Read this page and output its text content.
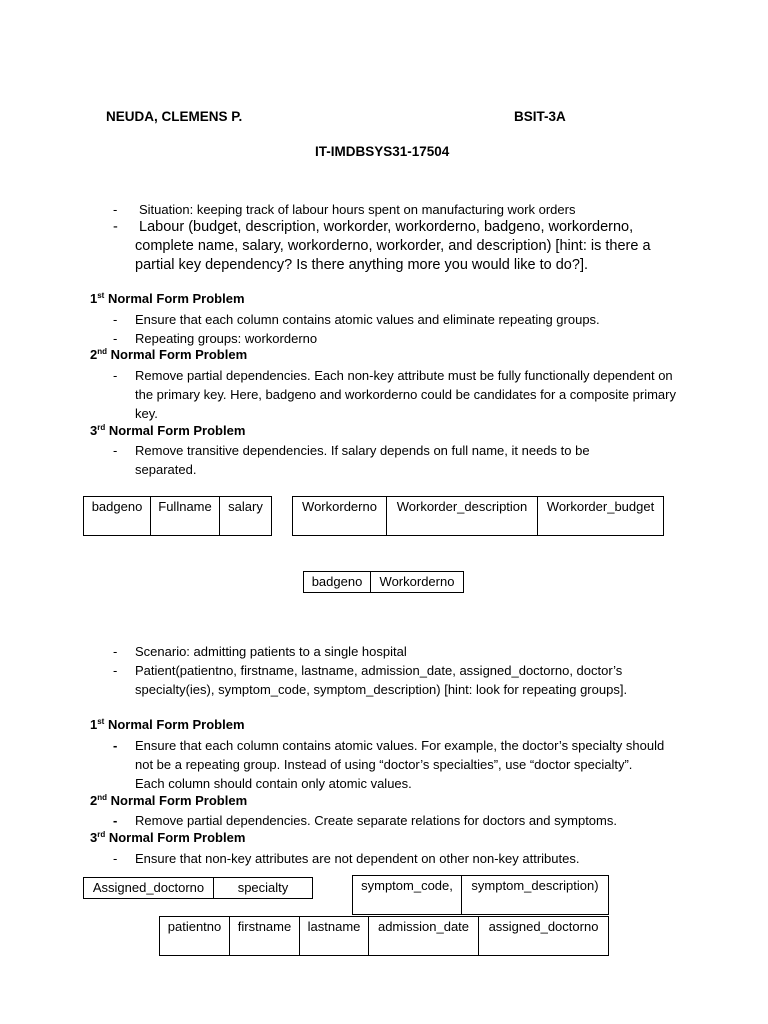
NEUDA, CLEMENS P.	BSIT-3A
IT-IMDBSYS31-17504
- Situation: keeping track of labour hours spent on manufacturing work orders
- Labour (budget, description, workorder, workorderno, badgeno, workorderno, complete name, salary, workorderno, workorder, and description) [hint: is there a partial key dependency? Is there anything more you would like to do?].
1st Normal Form Problem
- Ensure that each column contains atomic values and eliminate repeating groups.
- Repeating groups: workorderno
2nd Normal Form Problem
- Remove partial dependencies. Each non-key attribute must be fully functionally dependent on the primary key. Here, badgeno and workorderno could be candidates for a composite primary key.
3rd Normal Form Problem
- Remove transitive dependencies. If salary depends on full name, it needs to be separated.
badgeno	Fullname	salary	Workorderno	Workorder_description	Workorder_budget
badgeno	Workorderno
- Scenario: admitting patients to a single hospital
- Patient(patientno, firstname, lastname, admission_date, assigned_doctorno, doctor’s specialty(ies), symptom_code, symptom_description) [hint: look for repeating groups].
1st Normal Form Problem
- Ensure that each column contains atomic values. For example, the doctor’s specialty should not be a repeating group. Instead of using “doctor’s specialties”, use “doctor specialty”. Each column should contain only atomic values.
2nd Normal Form Problem
- Remove partial dependencies. Create separate relations for doctors and symptoms.
3rd Normal Form Problem
- Ensure that non-key attributes are not dependent on other non-key attributes.
Assigned_doctorno	specialty	symptom_code,	symptom_description)
patientno	firstname	lastname	admission_date	assigned_doctorno
